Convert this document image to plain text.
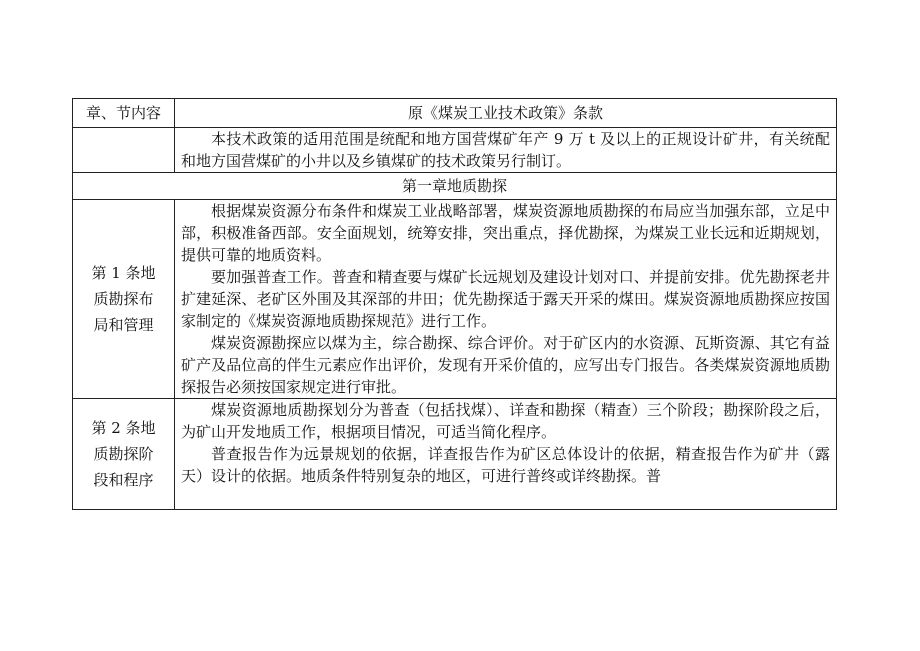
章、节内容	原《煤炭工业技术政策》条款	

	本技术政策的适用范围是统配和地方国营煤矿年产 9 万 t 及以上的正规设计矿井，有关统配和地方国营煤矿的小井以及乡镇煤矿的技术政策另行制订。	

第一章地质勘探		
第 1 条地质勘探布局和管理	根据煤炭资源分布条件和煤炭工业战略部署，煤炭资源地质勘探的布局应当加强东部，立足中部，积极准备西部。安全面规划，统筹安排，突出重点，择优勘探，为煤炭工业长远和近期规划，提供可靠的地质资料。

要加强普查工作。普查和精查要与煤矿长远规划及建设计划对口、并提前安排。优先勘探老井扩建延深、老矿区外围及其深部的井田；优先勘探适于露天开采的煤田。煤炭资源地质勘探应按国家制定的《煤炭资源地质勘探规范》进行工作。

煤炭资源勘探应以煤为主，综合勘探、综合评价。对于矿区内的水资源、瓦斯资源、其它有益矿产及品位高的伴生元素应作出评价，发现有开采价值的，应写出专门报告。各类煤炭资源地质勘探报告必须按国家规定进行审批。	

第 2 条地质勘探阶段和程序	煤炭资源地质勘探划分为普查（包括找煤）、详查和勘探（精查）三个阶段；勘探阶段之后，为矿山开发地质工作，根据项目情况，可适当简化程序。

普查报告作为远景规划的依据，详查报告作为矿区总体设计的依据，精查报告作为矿井（露天）设计的依据。地质条件特别复杂的地区，可进行普终或详终勘探。普	
